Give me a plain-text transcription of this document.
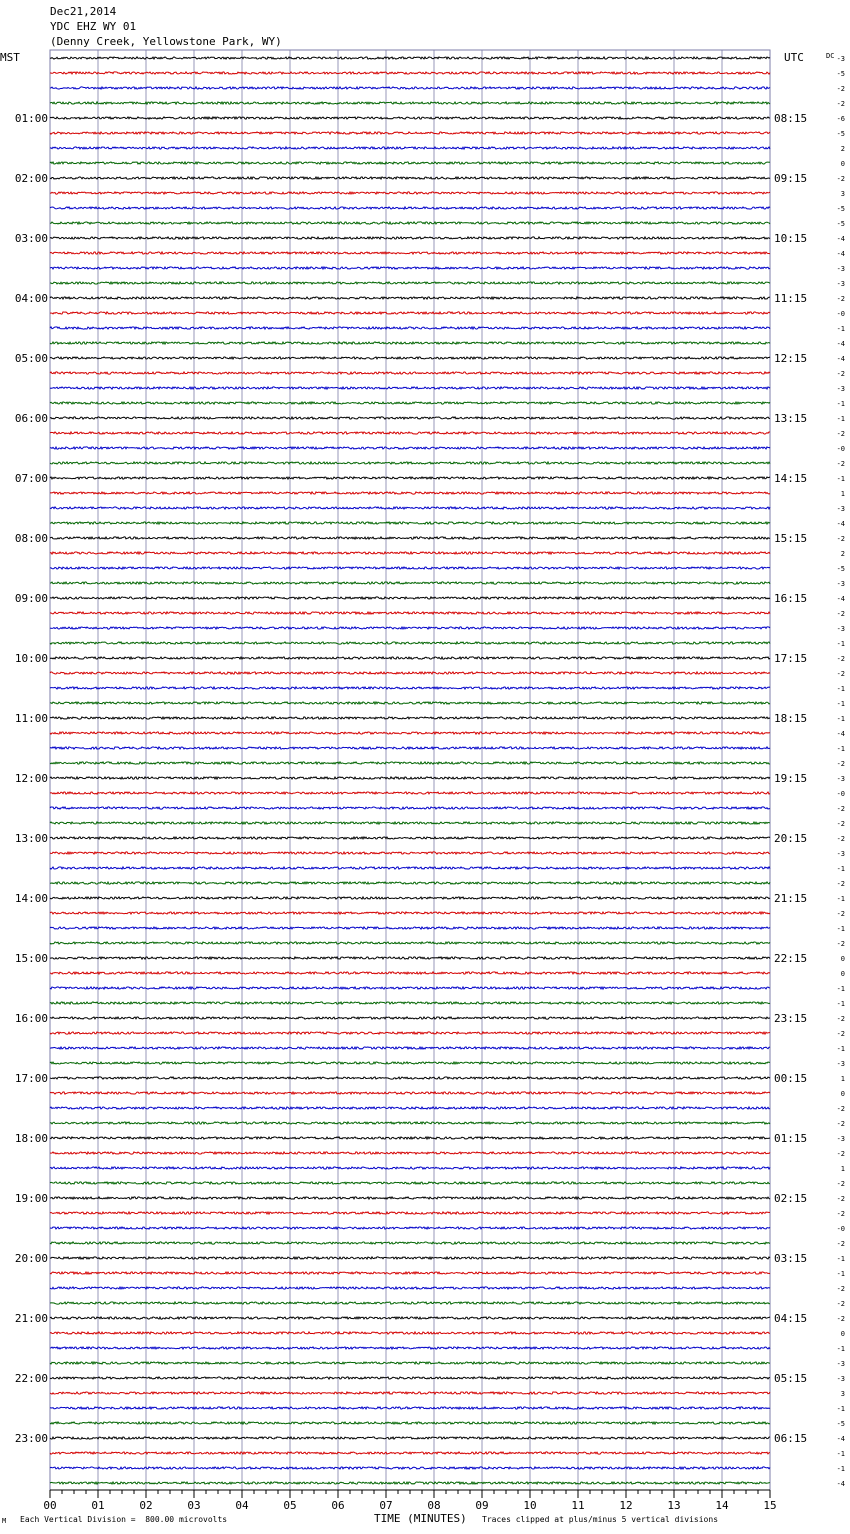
Dec21,2014
YDC EHZ WY 01
(Denny Creek, Yellowstone Park, WY)
MST	UTC	DC
01:00
02:00
03:00
04:00
05:00
06:00
07:00
08:00
09:00
10:00
11:00
12:00
13:00
14:00
15:00
16:00
17:00
18:00
19:00
20:00
21:00
22:00
23:00
08:15
09:15
10:15
11:15
12:15
13:15
14:15
15:15
16:15
17:15
18:15
19:15
20:15
21:15
22:15
23:15
00:15
01:15
02:15
03:15
04:15
05:15
06:15
-3
-5
-2
-2
-6
-5
2
0
-2
3
-5
-5
-4
-4
-3
-3
-2
-0
-1
-4
-4
-2
-3
-1
-1
-2
-0
-2
-1
1
-3
-4
-2
2
-5
-3
-4
-2
-3
-1
-2
-2
-1
-1
-1
-4
-1
-2
-3
-0
-2
-2
-2
-3
-1
-2
-1
-2
-1
-2
0
0
-1
-1
-2
-2
-1
-3
1
0
-2
-2
-3
-2
1
-2
-2
-2
-0
-2
-1
-1
-2
-2
-2
0
-1
-3
-3
3
-1
-5
-4
-1
-1
-4
00	01	02	03	04	05	06	07	08	09	10	11	12	13	14	15
M Each Vertical Division =  800.00 microvolts	TIME (MINUTES) Traces clipped at plus/minus 5 vertical divisions
